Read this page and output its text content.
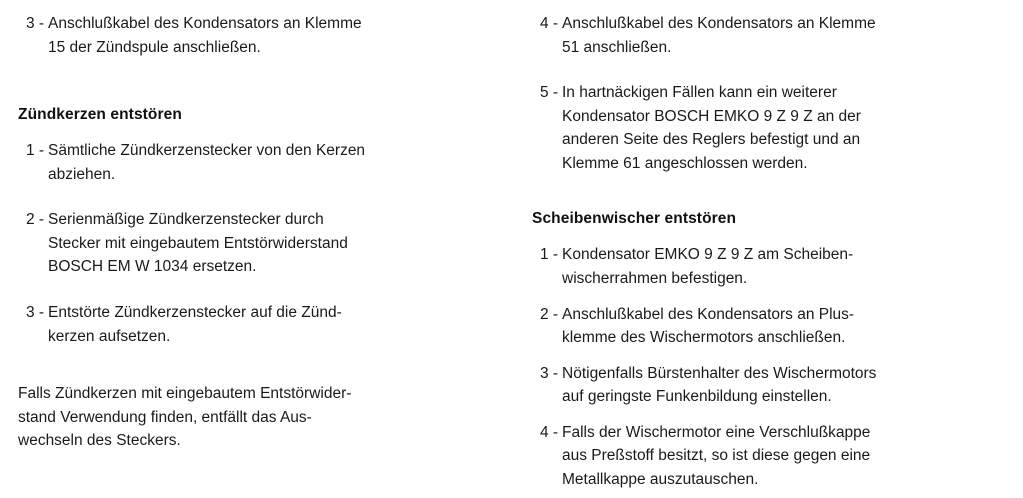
3 - Anschlußkabel des Kondensators an Klemme

15 der Zündspule anschließen.

Zündkerzen entstören
1 - Sämtliche Zündkerzenstecker von den Kerzen

abziehen.

2 - Serienmäßige Zündkerzenstecker durch

Stecker mit eingebautem Entstörwiderstand

BOSCH EM W 1034 ersetzen.

3 - Entstörte Zündkerzenstecker auf die Zünd-

kerzen aufsetzen.

Falls Zündkerzen mit eingebautem Entstörwider-

stand Verwendung finden, entfällt das Aus-

wechseln des Steckers.

4 - Anschlußkabel des Kondensators an Klemme

51 anschließen.

5 - In hartnäckigen Fällen kann ein weiterer

Kondensator BOSCH EMKO 9 Z 9 Z an der

anderen Seite des Reglers befestigt und an

Klemme 61 angeschlossen werden.

Scheibenwischer entstören
1 - Kondensator EMKO 9 Z 9 Z am Scheiben-

wischerrahmen befestigen.

2 - Anschlußkabel des Kondensators an Plus-

klemme des Wischermotors anschließen.

3 - Nötigenfalls Bürstenhalter des Wischermotors

auf geringste Funkenbildung einstellen.

4 - Falls der Wischermotor eine Verschlußkappe

aus Preßstoff besitzt, so ist diese gegen eine

Metallkappe auszutauschen.
